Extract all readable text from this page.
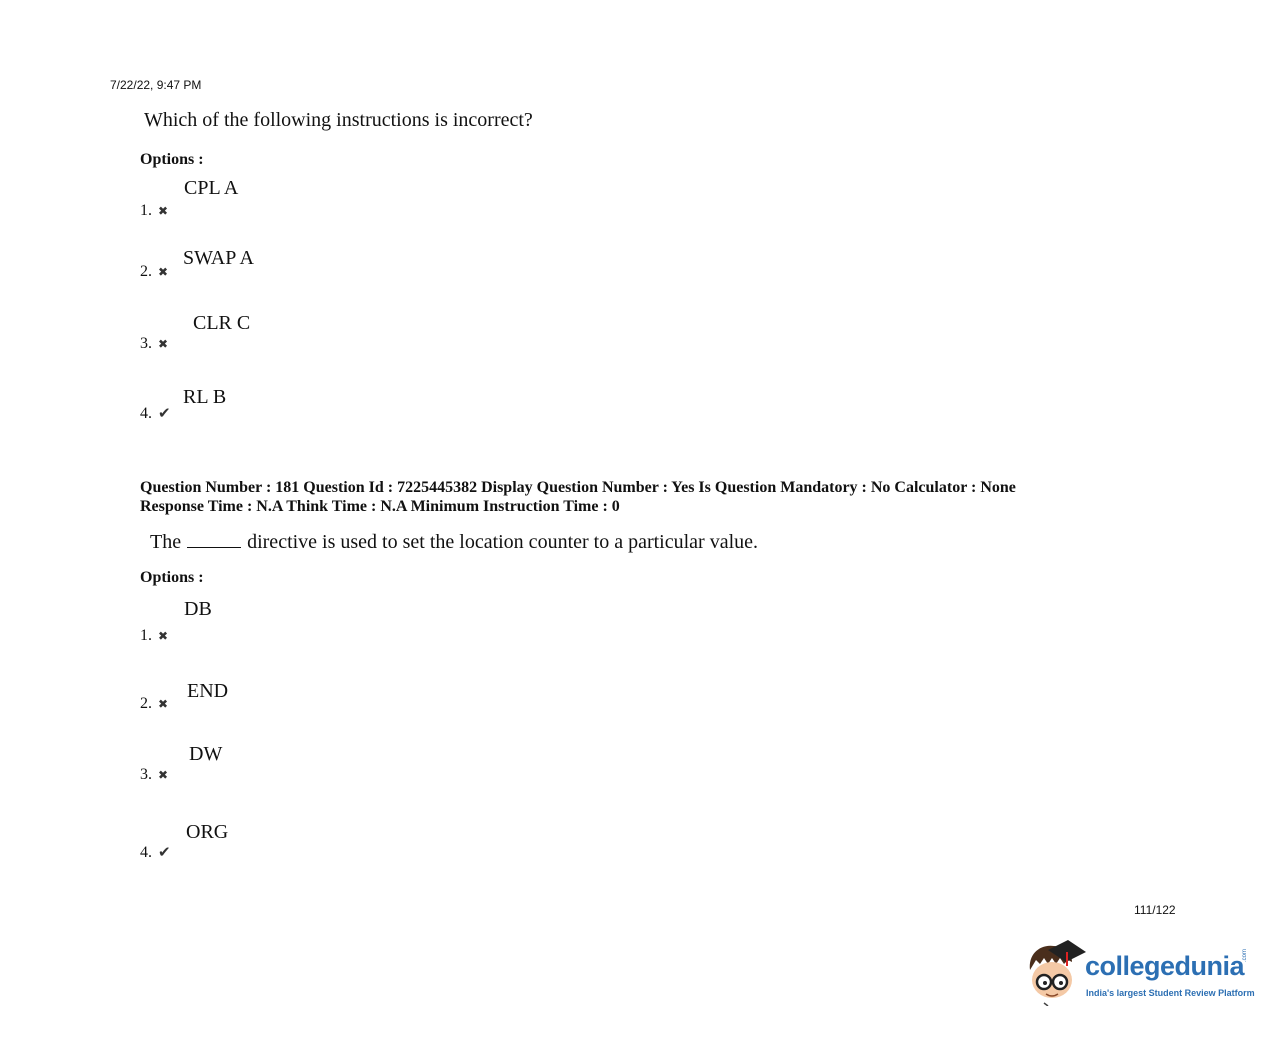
7/22/22, 9:47 PM
Which of the following instructions is incorrect?
Options :
1. ✖
CPL A
2. ✖
SWAP A
3. ✖
CLR C
4. ✔
RL B
Question Number : 181 Question Id : 7225445382 Display Question Number : Yes Is Question Mandatory : No Calculator : None
Response Time : N.A Think Time : N.A Minimum Instruction Time : 0
The	directive is used to set the location counter to a particular value.
Options :
1. ✖
DB
2. ✖
END
3. ✖
DW
4. ✔
ORG
111/122
collegedunia
.com
India's largest Student Review Platform
